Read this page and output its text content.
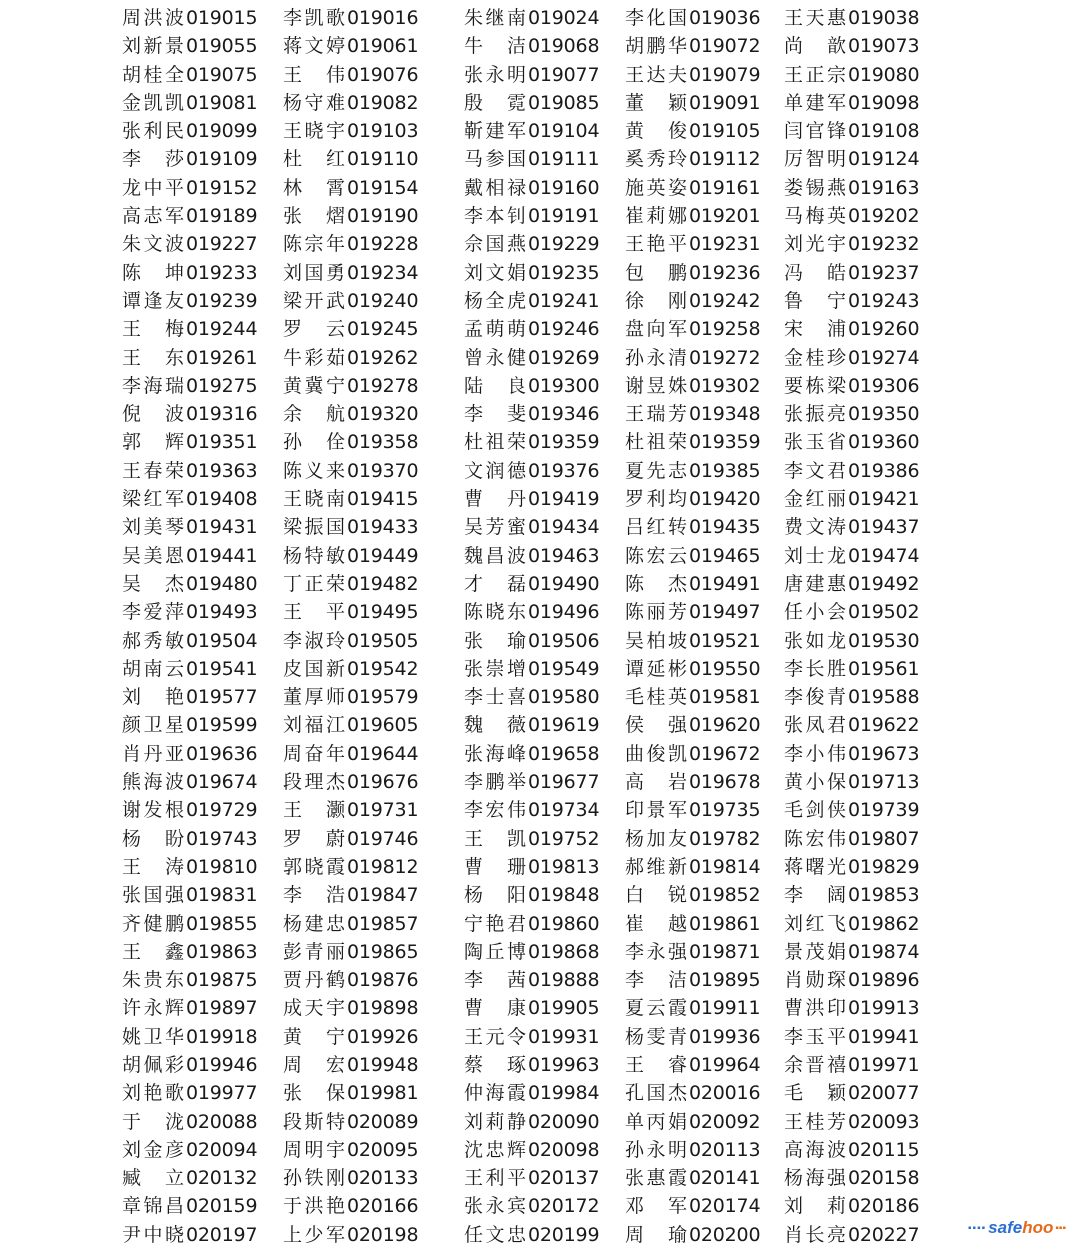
周洪波 019015 李凯歌 019016 朱继南 019024 李化国 019036 王天惠 019038
刘新景 019055 蒋文婷 019061 牛　洁 019068 胡鹏华 019072 尚　歆 019073
胡桂全 019075 王　伟 019076 张永明 019077 王达夫 019079 王正宗 019080
金凯凯 019081 杨守难 019082 殷　霓 019085 董　颖 019091 单建军 019098
张利民 019099 王晓宇 019103 靳建军 019104 黄　俊 019105 闫官锋 019108
李　莎 019109 杜　红 019110 马参国 019111 奚秀玲 019112 厉智明 019124
龙中平 019152 林　霄 019154 戴相禄 019160 施英姿 019161 娄锡燕 019163
高志军 019189 张　熠 019190 李本钊 019191 崔莉娜 019201 马梅英 019202
朱文波 019227 陈宗年 019228 佘国燕 019229 王艳平 019231 刘光宇 019232
陈　坤 019233 刘国勇 019234 刘文娟 019235 包　鹏 019236 冯　皓 019237
谭逢友 019239 梁开武 019240 杨全虎 019241 徐　刚 019242 鲁　宁 019243
王　梅 019244 罗　云 019245 孟萌萌 019246 盘向军 019258 宋　浦 019260
王　东 019261 牛彩茹 019262 曾永健 019269 孙永清 019272 金桂珍 019274
李海瑞 019275 黄冀宁 019278 陆　良 019300 谢昱姝 019302 要栋梁 019306
倪　波 019316 余　航 019320 李　斐 019346 王瑞芳 019348 张振亮 019350
郭　辉 019351 孙　佺 019358 杜祖荣 019359 杜祖荣 019359 张玉省 019360
王春荣 019363 陈义来 019370 文润德 019376 夏先志 019385 李文君 019386
梁红军 019408 王晓南 019415 曹　丹 019419 罗利均 019420 金红丽 019421
刘美琴 019431 梁振国 019433 吴芳蜜 019434 吕红转 019435 费文涛 019437
吴美恩 019441 杨特敏 019449 魏昌波 019463 陈宏云 019465 刘士龙 019474
吴　杰 019480 丁正荣 019482 才　磊 019490 陈　杰 019491 唐建惠 019492
李爱萍 019493 王　平 019495 陈晓东 019496 陈丽芳 019497 任小会 019502
郝秀敏 019504 李淑玲 019505 张　瑜 019506 吴柏坡 019521 张如龙 019530
胡南云 019541 皮国新 019542 张崇增 019549 谭延彬 019550 李长胜 019561
刘　艳 019577 董厚师 019579 李士喜 019580 毛桂英 019581 李俊青 019588
颜卫星 019599 刘福江 019605 魏　薇 019619 侯　强 019620 张凤君 019622
肖丹亚 019636 周奋年 019644 张海峰 019658 曲俊凯 019672 李小伟 019673
熊海波 019674 段理杰 019676 李鹏举 019677 高　岩 019678 黄小保 019713
谢发根 019729 王　灏 019731 李宏伟 019734 印景军 019735 毛剑侠 019739
杨　盼 019743 罗　蔚 019746 王　凯 019752 杨加友 019782 陈宏伟 019807
王　涛 019810 郭晓霞 019812 曹　珊 019813 郝维新 019814 蒋曙光 019829
张国强 019831 李　浩 019847 杨　阳 019848 白　锐 019852 李　阔 019853
齐健鹏 019855 杨建忠 019857 宁艳君 019860 崔　越 019861 刘红飞 019862
王　鑫 019863 彭青丽 019865 陶丘博 019868 李永强 019871 景茂娟 019874
朱贵东 019875 贾丹鹤 019876 李　茜 019888 李　洁 019895 肖勋琛 019896
许永辉 019897 成天宇 019898 曹　康 019905 夏云霞 019911 曹洪印 019913
姚卫华 019918 黄　宁 019926 王元令 019931 杨雯青 019936 李玉平 019941
胡佩彩 019946 周　宏 019948 蔡　琢 019963 王　睿 019964 余晋禧 019971
刘艳歌 019977 张　保 019981 仲海霞 019984 孔国杰 020016 毛　颖 020077
于　泷 020088 段斯特 020089 刘莉静 020090 单丙娟 020092 王桂芳 020093
刘金彦 020094 周明宇 020095 沈忠辉 020098 孙永明 020113 高海波 020115
臧　立 020132 孙铁刚 020133 王利平 020137 张惠霞 020141 杨海强 020158
章锦昌 020159 于洪艳 020166 张永宾 020172 邓　军 020174 刘　莉 020186
尹中晓 020197 上少军 020198 任文忠 020199 周　瑜 020200 肖长亮 020227	▪▪▪▪ safehoo ▪▪▪
